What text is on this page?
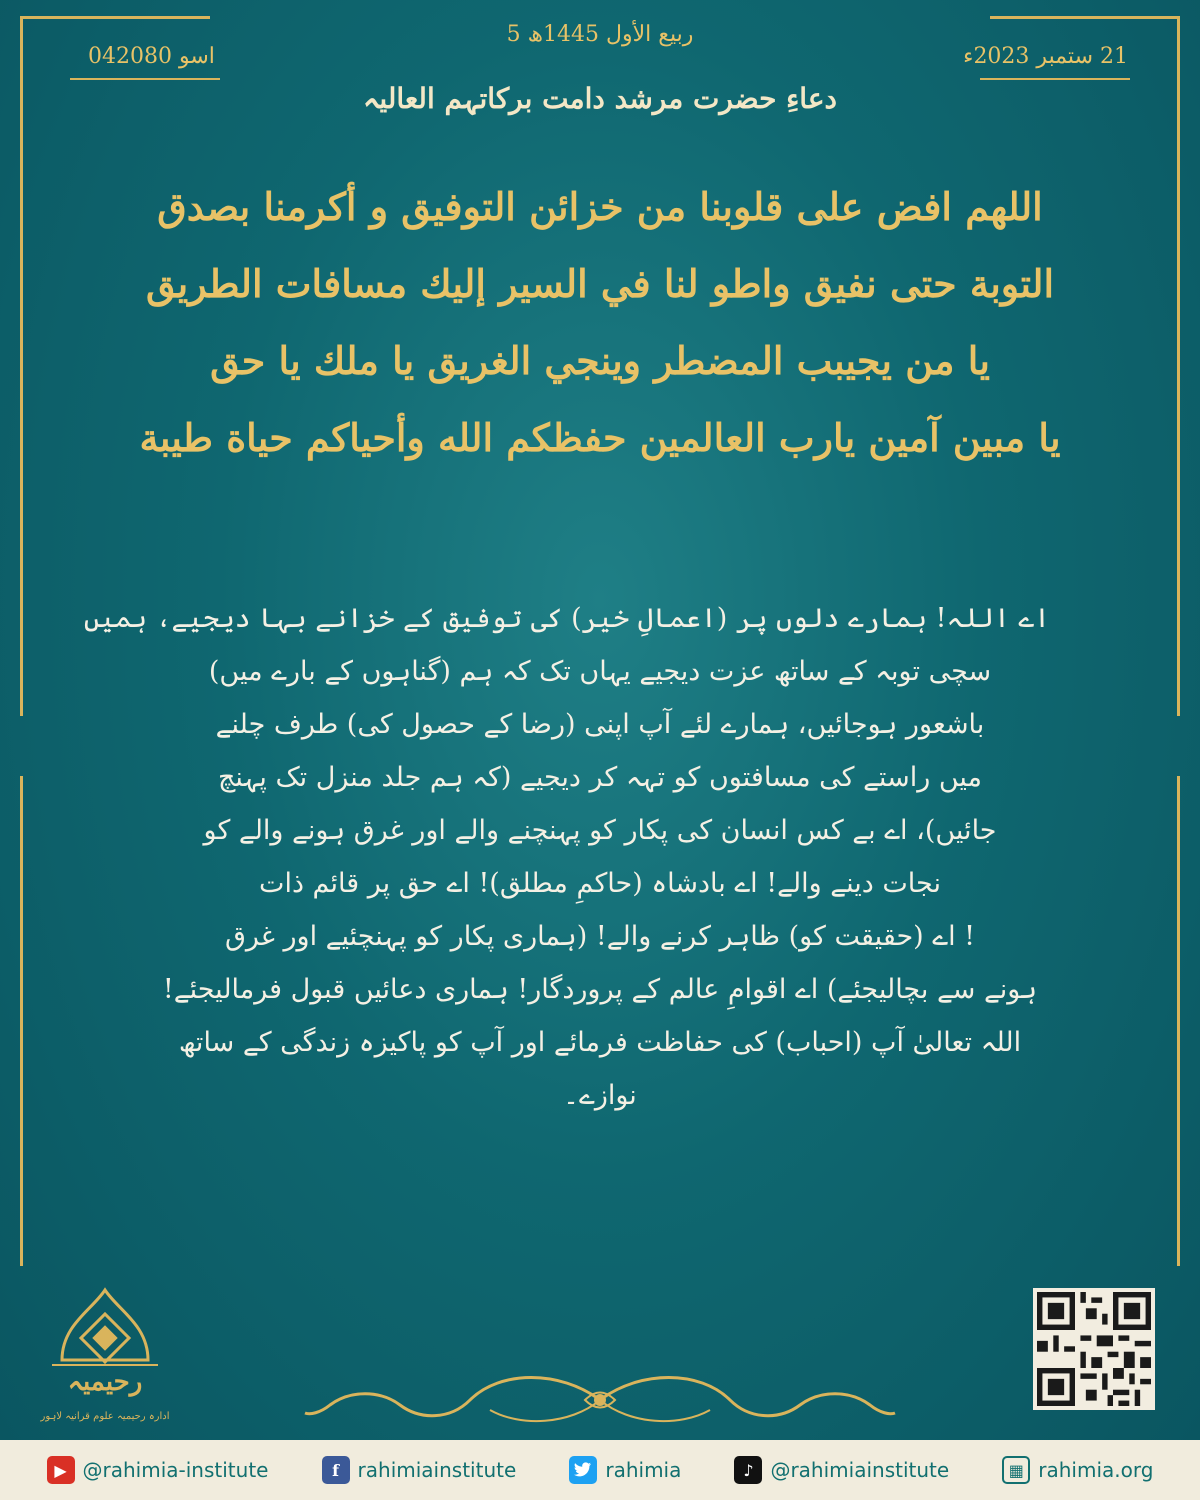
5 ربیع الأول 1445ھ
04اسو 2080	21 ستمبر 2023ء
دعاءِ حضرت مرشد دامت برکاتہم العالیہ
اللهم افض على قلوبنا من خزائن التوفيق و أكرمنا بصدق
التوبة حتى نفيق واطو لنا في السير إليك مسافات الطريق
يا من يجيبب المضطر وينجي الغريق يا ملك يا حق
يا مبين آمين يارب العالمين حفظكم الله وأحياكم حياة طيبة
اے اللہ! ہمارے دلوں پر (اعمالِ خیر) کی توفیق کے خزانے بہا دیجیے، ہمیں
سچی توبہ کے ساتھ عزت دیجیے یہاں تک کہ ہم (گناہوں کے بارے میں)
باشعور ہوجائیں، ہمارے لئے آپ اپنی (رضا کے حصول کی) طرف چلنے
میں راستے کی مسافتوں کو تہہ کر دیجیے (کہ ہم جلد منزل تک پہنچ
جائیں)، اے بے کس انسان کی پکار کو پہنچنے والے اور غرق ہونے والے کو
نجات دینے والے! اے بادشاہ (حاکمِ مطلق)! اے حق پر قائم ذات
! اے (حقیقت کو) ظاہر کرنے والے! (ہماری پکار کو پہنچئیے اور غرق
ہونے سے بچالیجئے) اے اقوامِ عالم کے پروردگار! ہماری دعائیں قبول فرمالیجئے!
اللہ تعالیٰ آپ (احباب) کی حفاظت فرمائے اور آپ کو پاکیزہ زندگی کے ساتھ
نوازے۔
رحیمیہ
ادارہ رحیمیہ علوم قرآنیہ لاہور
▶ @rahimia-institute	f rahimiainstitute	rahimia	♪ @rahimiainstitute	▦ rahimia.org
